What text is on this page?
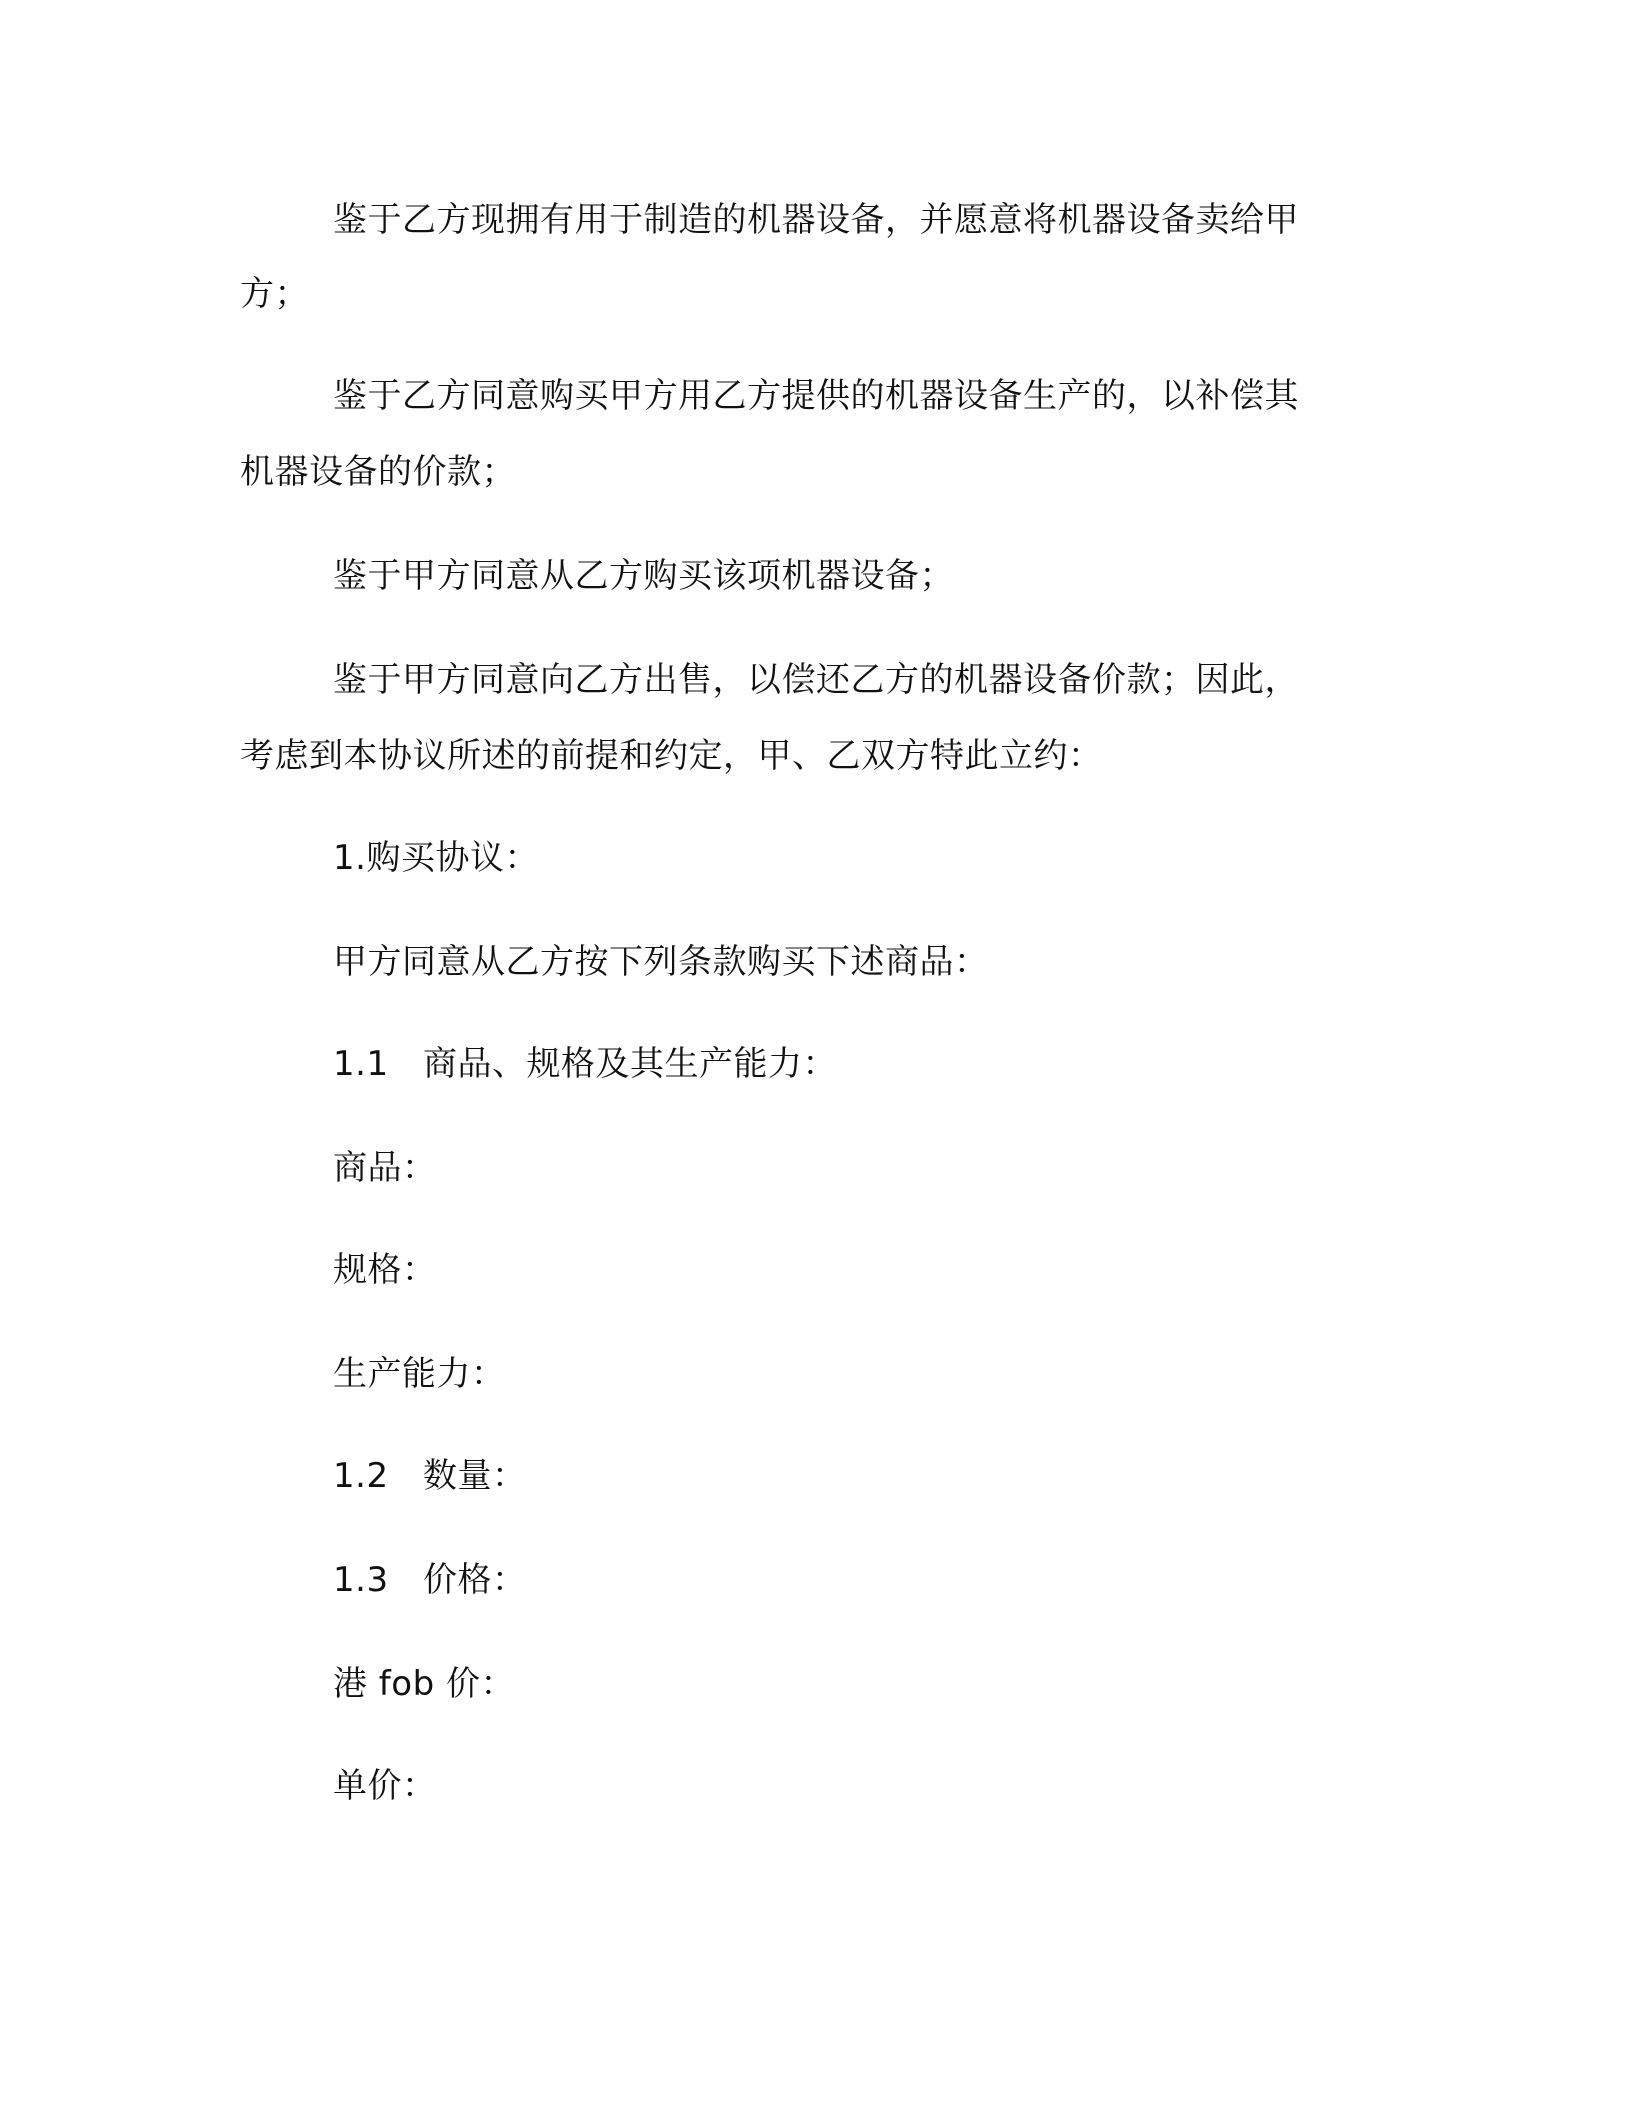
鉴于乙方现拥有用于制造的机器设备，并愿意将机器设备卖给甲

方；

鉴于乙方同意购买甲方用乙方提供的机器设备生产的，以补偿其

机器设备的价款；

鉴于甲方同意从乙方购买该项机器设备；

鉴于甲方同意向乙方出售，以偿还乙方的机器设备价款；因此，

考虑到本协议所述的前提和约定，甲、乙双方特此立约：

1.购买协议：

甲方同意从乙方按下列条款购买下述商品：

1.1 商品、规格及其生产能力：

商品：

规格：

生产能力：

1.2 数量：

1.3 价格：

港 fob 价：

单价：
